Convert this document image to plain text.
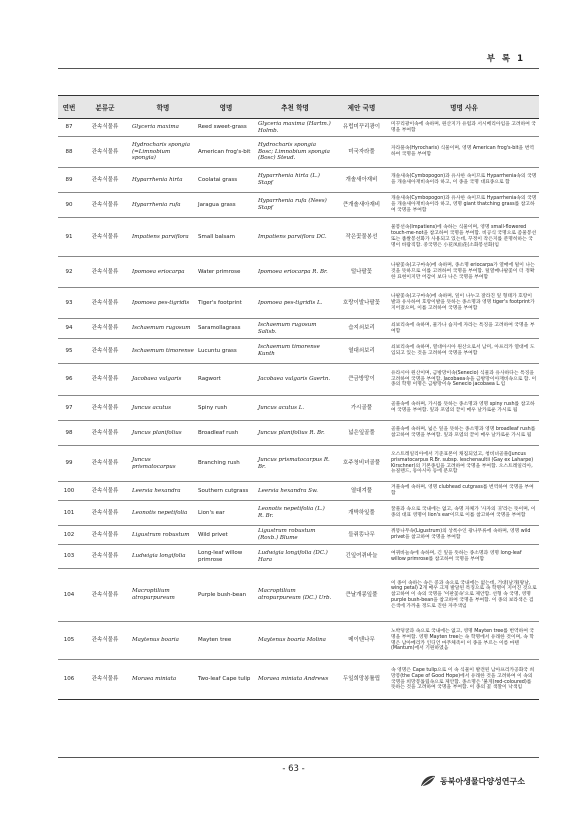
부 록 1
연번	분류군	학명	영명	추천 학명	제안 국명	명명 사유
87	관속식물류	Glyceria maxima	Reed sweet-grass	Glyceria maxima (Hartm.) Holmb.	유럽미꾸리광이	미꾸리광이속에 속하며, 원산지가 유럽과 서시베리아임을 고려하여 국명을 부여함
88	관속식물류	Hydrocharis spongia (=Limnobium spongia)	American frog's-bit	Hydrocharis spongia Bosc; Limnobium spongia (Bosc) Steud.	미국자라풀	자라풀속(Hyrocharis) 식물이며, 영명 American frog's-bit을 번역하여 국명을 부여함
89	관속식물류	Hyparrhenia hirta	Coolatai grass	Hyparrhenia hirta (L.) Stapf	개솔새아재비	개솔새속(Cymbopogon)과 유사한 속이므로 Hyparrhenia속의 국명을 개솔새아재비속이라 하고, 이 종을 국명 대표종으로 함
90	관속식물류	Hyparrhenia rufa	Jaragua grass	Hyparrhenia rufa (Nees) Stapf	큰개솔새아재비	개솔새속(Cymbopogon)과 유사한 속이므로 Hyparrhenia속의 국명을 개솔새아재비속이라 하고, 영명 giant thatching grass를 참고하여 국명을 부여함
91	관속식물류	Impatiens parviflora	Small balsam	Impatiens parviflora DC.	작은꽃물봉선	물봉선속(Impatiens)에 속하는 식물이며, 영명 small-flowered touch-me-not을 참고하여 국명을 부여함. 비공식 국명으로 좀물봉선 또는 좁쌀봉선화가 사용되고 있는데, 꾸정이 작은지를 분명히하는 국명이 바람직함. 중국명은 小花凤仙花(소화봉선화)임
92	관속식물류	Ipomoea eriocarpa	Water primrose	Ipomoea eriocarpa R. Br.	털나팔꽃	나팔꽃속(고구마속)에 속하며, 종소명 eriocarpa가 열매에 털이 나는 것을 뜻하므로 이를 고려하여 국명을 부여함. 털열매나팔꽃이 더 정확한 표현이지만 어감이 보다 나은 국명을 부여함
93	관속식물류	Ipomoea pes-tigridis	Tiger's footprint	Ipomoea pes-tigridis L.	호랑이발나팔꽃	나팔꽃속(고구마속)에 속하며, 잎이 나누고 잘라진 잎 형태가 호랑이 발과 유사하여 호랑이발을 뜻하는 종소명과 영명 tiger's footprint가 지어졌으며, 이를 고려하여 국명을 부여함
94	관속식물류	Ischaemum rugosum	Saramollagrass	Ischaemum rugosum Salisb.	습지쇠보리	쇠보리속에 속하며, 물가나 습지에 자라는 특징을 고려하여 국명을 부여함
95	관속식물류	Ischaemum timorense	Lucuntu grass	Ischaemum timorense Kunth	열대쇠보리	쇠보리속에 속하며, 열대아시아 원산으로서 남미, 아프리카 열대에 도입되고 있는 것을 고려하여 국명을 부여함
96	관속식물류	Jacobaea vulgaris	Ragwort	Jacobaea vulgaris Gaertn.	큰금방망이	유라시아 원산이며, 금방망이속(Senecio) 식물과 유사하다는 특징을 고려하여 국명을 부여함. Jacobaea속을 금방망이아재비속으로 함. 이 종의 학명 이명은 금방망이속 Senecio jacobaea L.임
97	관속식물류	Juncus acutus	Spiny rush	Juncus acutus L.	가시골풀	골풀속에 속하며, 가시를 뜻하는 종소명과 영명 spiny rush를 참고하여 국명을 부여함. 잎과 포엽의 끝이 매우 날카로운 가시로 됨
98	관속식물류	Juncus planifolius	Broadleaf rush	Juncus planifolius R. Br.	넓은잎골풀	골풀속에 속하며, 넓은 잎을 뜻하는 종소명과 영명 broadleaf rush를 참고하여 국명을 부여함. 잎과 포엽의 끝이 매우 날카로운 가시로 됨
99	관속식물류	Juncus prismatocarpus	Branching rush	Juncus prismatocarpus R. Br.	호주청비녀골풀	오스트레일리아에서 기준표본이 채집되었고, 청비녀골풀(Juncus prismatocarpus R.Br. subsp. leschenaultii (Gay ex Laharpe) Kirschner)의 기본종임을 고려하여 국명을 부여함. 오스트레일리아, 뉴질랜드, 동아시아 등에 분포함
100	관속식물류	Leersia hexandra	Southern cutgrass	Leersia hexandra Sw.	열대겨풀	겨풀속에 속하며, 영명 clubhead cutgrass를 번역하여 국명을 부여함
101	관속식물류	Leonotis nepetifolia	Lion's ear	Leonotis nepetifolia (L.) R. Br.	개박하잎풀	꿀풀과 속으로 국내에는 없고, 속명 자체가 '사자의 귀'라는 뜻이며, 이 종의 대표 영명이 lion's ear이므로 이를 참고하여 국명을 부여함
102	관속식물류	Ligustrum robustum	Wild privet	Ligustrum robustum (Roxb.) Blume	들쥐똥나무	쥐똥나무속(Ligustrum)의 상록수인 광나무류에 속하며, 영명 wild privet을 참고하여 국명을 부여함
103	관속식물류	Ludwigia longifolia	Long-leaf willow primrose	Ludwigia longifolia (DC.) Hara	긴잎여뀌바늘	여뀌바늘속에 속하며, 긴 잎을 뜻하는 종소명과 영명 long-leaf willow primrose를 참고하여 국명을 부여함
104	관속식물류	Macroptilium atropurpureum	Purple bush-bean	Macroptilium atropurpureum (DC.) Urb.	큰날개콩잎풀	이 종이 속하는 속은 콩과 속으로 국내에는 없는데, 거대(날개(왕날, wing petal) 2개 매우 크게 발달된 특징으로 속 학명이 지어진 것으로 참고하여 이 속의 국명을 '이판꽃속'으로 제안함. 선형 속 국명, 영명 purple bush-bean을 참고하여 국명을 부여함. 이 종의 보라색은 검은색에 가까울 정도로 진한 자주색임
105	관속식물류	Maytenus boaria	Mayten tree	Maytenus boaria Molina	메이텐나무	노박덩굴과 속으로 국내에는 없고, 영명 Mayten tree를 번역하여 국명을 부여함. 영명 Mayten tree는 속 학명에서 유래한 것이며, 속 학명은 남아메리카 인디언 마푸체족이 이 종을 부르는 이름 마텐(Mantum)에서 기원하였음
106	관속식물류	Moraea miniata	Two-leaf Cape tulip	Moraea miniata Andrews	두잎희망봉튤립	속 영명은 Cape tulip으로 이 속 식물이 발견된 남아프리카공화국 희망봉(the Cape of Good Hope)에서 유래한 것을 고려하여 이 속의 국명을 희망봉튤립속으로 제안함. 종소명은 '붉게(red-coloured)를 뜻하는 것을 고려하여 국명을 부여함. 이 종의 꽃 색깔이 낙색임
- 63 -
동북아생물다양성연구소
